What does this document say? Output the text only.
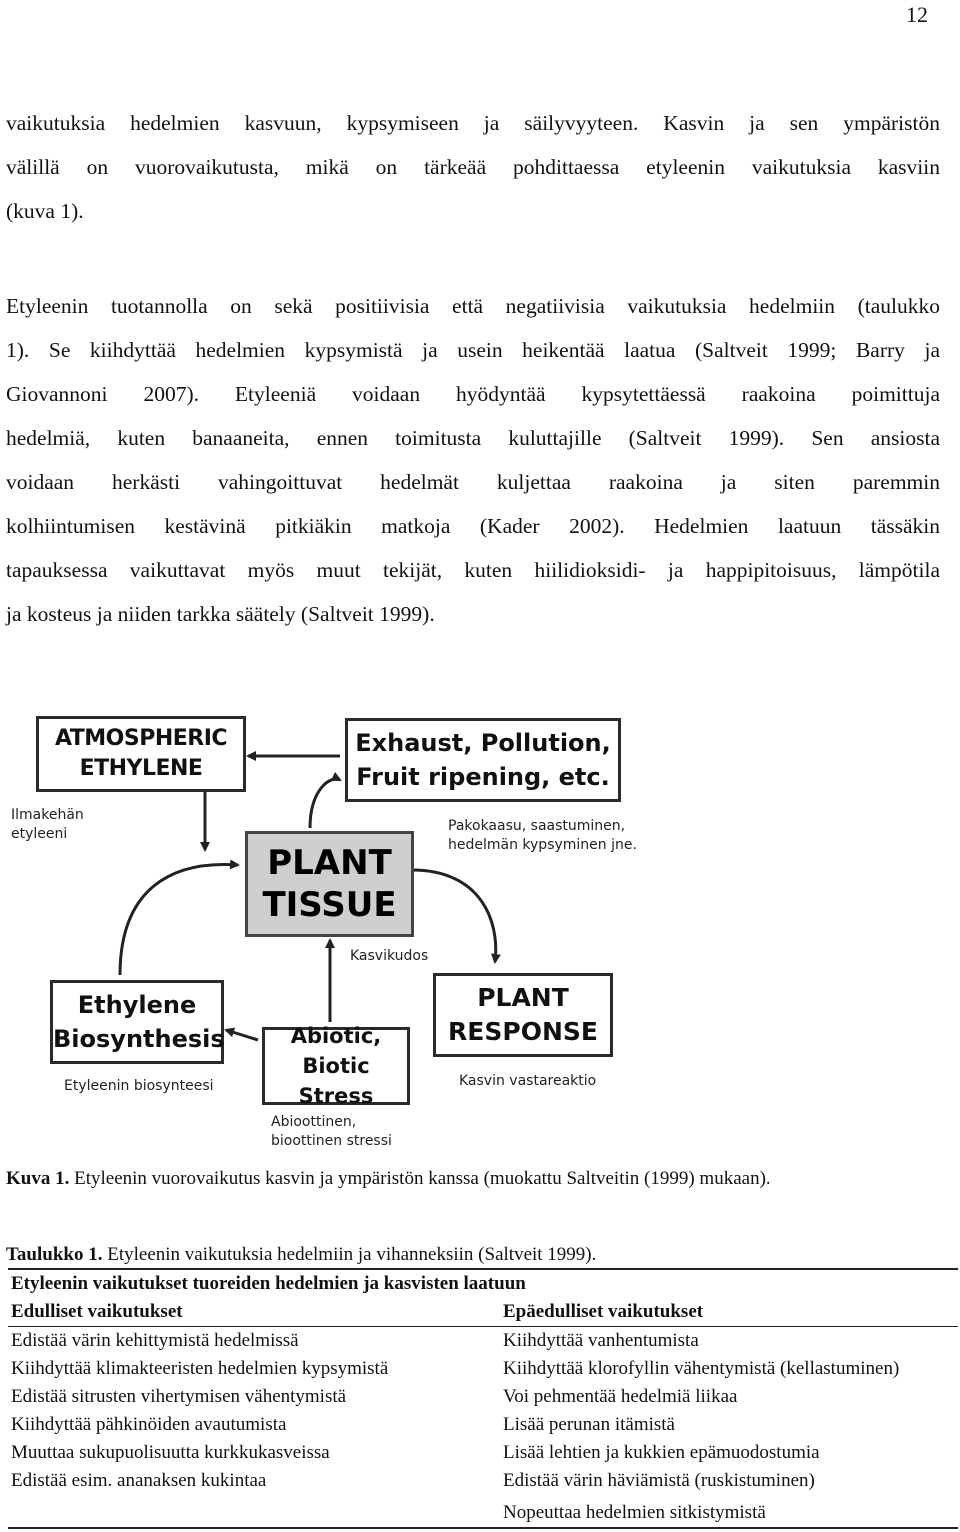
12
vaikutuksia hedelmien kasvuun, kypsymiseen ja säilyvyyteen. Kasvin ja sen ympäristön
välillä on vuorovaikutusta, mikä on tärkeää pohdittaessa etyleenin vaikutuksia kasviin
(kuva 1).
Etyleenin tuotannolla on sekä positiivisia että negatiivisia vaikutuksia hedelmiin (taulukko
1). Se kiihdyttää hedelmien kypsymistä ja usein heikentää laatua (Saltveit 1999; Barry ja
Giovannoni 2007). Etyleeniä voidaan hyödyntää kypsytettäessä raakoina poimittuja
hedelmiä, kuten banaaneita, ennen toimitusta kuluttajille (Saltveit 1999). Sen ansiosta
voidaan herkästi vahingoittuvat hedelmät kuljettaa raakoina ja siten paremmin
kolhiintumisen kestävinä pitkiäkin matkoja (Kader 2002). Hedelmien laatuun tässäkin
tapauksessa vaikuttavat myös muut tekijät, kuten hiilidioksidi- ja happipitoisuus, lämpötila
ja kosteus ja niiden tarkka säätely (Saltveit 1999).
ATMOSPHERIC
ETHYLENE
Ilmakehän
etyleeni
Exhaust, Pollution,
Fruit ripening, etc.
Pakokaasu, saastuminen,
hedelmän kypsyminen jne.
PLANT
TISSUE
Kasvikudos
Ethylene
Biosynthesis
Etyleenin biosynteesi
Abiotic,
Biotic Stress
Abioottinen,
bioottinen stressi
PLANT
RESPONSE
Kasvin vastareaktio
Kuva 1. Etyleenin vuorovaikutus kasvin ja ympäristön kanssa (muokattu Saltveitin (1999) mukaan).
Taulukko 1. Etyleenin vaikutuksia hedelmiin ja vihanneksiin (Saltveit 1999).
Etyleenin vaikutukset tuoreiden hedelmien ja kasvisten laatuun
Edulliset vaikutukset	Epäedulliset vaikutukset
Edistää värin kehittymistä hedelmissä
Kiihdyttää klimakteeristen hedelmien kypsymistä
Edistää sitrusten vihertymisen vähentymistä
Kiihdyttää pähkinöiden avautumista
Muuttaa sukupuolisuutta kurkkukasveissa
Edistää esim. ananaksen kukintaa
Kiihdyttää vanhentumista
Kiihdyttää klorofyllin vähentymistä (kellastuminen)
Voi pehmentää hedelmiä liikaa
Lisää perunan itämistä
Lisää lehtien ja kukkien epämuodostumia
Edistää värin häviämistä (ruskistuminen)
Nopeuttaa hedelmien sitkistymistä
